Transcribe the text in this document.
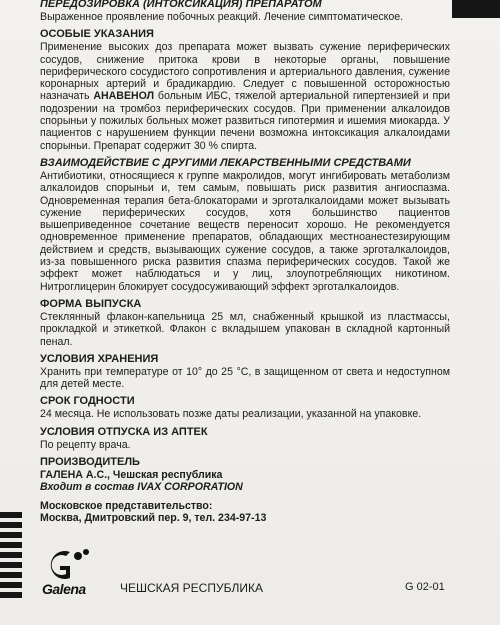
ПЕРЕДОЗИРОВКА (ИНТОКСИКАЦИЯ) ПРЕПАРАТОМ

Выраженное проявление побочных реакций. Лечение симптоматическое.

ОСОБЫЕ УКАЗАНИЯ

Применение высоких доз препарата может вызвать сужение периферических сосудов, снижение притока крови в некоторые органы, повышение периферического сосудистого сопротивления и артериального давления, сужение коронарных артерий и брадикардию. Следует с повышенной осторожностью назначать АНАВЕНОЛ больным ИБС, тяжелой артериальной гипертензией и при подозрении на тромбоз периферических сосудов. При применении алкалоидов спорыньи у пожилых больных может развиться гипотермия и ишемия миокарда. У пациентов с нарушением функции печени возможна интоксикация алкалоидами спорыньи. Препарат содержит 30 % спирта.

ВЗАИМОДЕЙСТВИЕ С ДРУГИМИ ЛЕКАРСТВЕННЫМИ СРЕДСТВАМИ

Антибиотики, относящиеся к группе макролидов, могут ингибировать метаболизм алкалоидов спорыньи и, тем самым, повышать риск развития ангиоспазма. Одновременная терапия бета-блокаторами и эрготалкалоидами может вызывать сужение периферических сосудов, хотя большинство пациентов вышеприведенное сочетание веществ переносит хорошо. Не рекомендуется одновременное применение препаратов, обладающих местноанестезирующим действием и средств, вызывающих сужение сосудов, а также эрготалкалоидов, из-за повышенного риска развития спазма периферических сосудов. Такой же эффект может наблюдаться и у лиц, злоупотребляющих никотином. Нитроглицерин блокирует сосудосуживающий эффект эрготалкалоидов.

ФОРМА ВЫПУСКА

Стеклянный флакон-капельница 25 мл, снабженный крышкой из пластмассы, прокладкой и этикеткой. Флакон с вкладышем упакован в складной картонный пенал.

УСЛОВИЯ ХРАНЕНИЯ

Хранить при температуре от 10° до 25 °С, в защищенном от света и недоступном для детей месте.

СРОК ГОДНОСТИ

24 месяца. Не использовать позже даты реализации, указанной на упаковке.

УСЛОВИЯ ОТПУСКА ИЗ АПТЕК

По рецепту врача.

ПРОИЗВОДИТЕЛЬ

ГАЛЕНА А.С., Чешская республика

Входит в состав IVAX CORPORATION

Московское представительство:

Москва, Дмитровский пер. 9, тел. 234-97-13

Galena	ЧЕШСКАЯ РЕСПУБЛИКА	G 02-01
